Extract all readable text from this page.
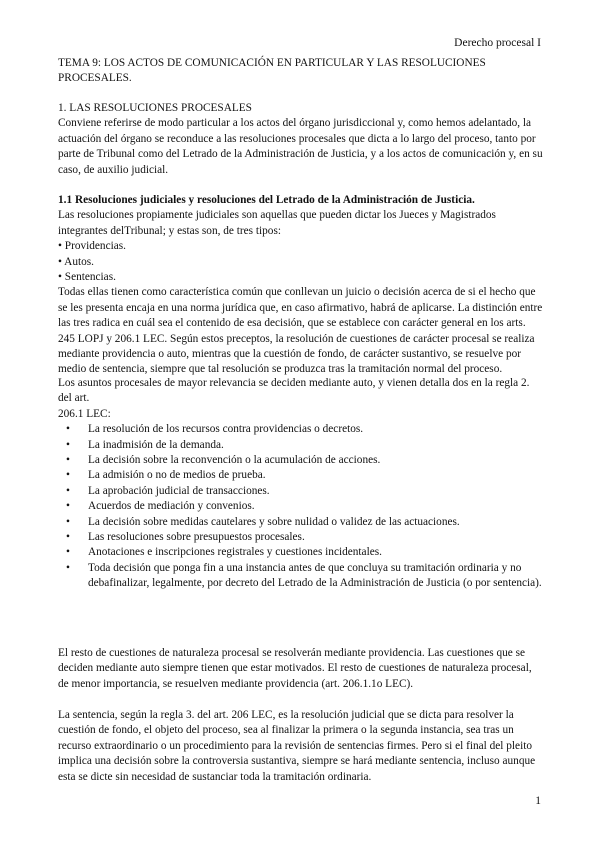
Derecho procesal I
TEMA 9: LOS ACTOS DE COMUNICACIÓN EN PARTICULAR Y LAS RESOLUCIONES PROCESALES.

1. LAS RESOLUCIONES PROCESALES

Conviene referirse de modo particular a los actos del órgano jurisdiccional y, como hemos adelantado, la actuación del órgano se reconduce a las resoluciones procesales que dicta a lo largo del proceso, tanto por parte de Tribunal como del Letrado de la Administración de Justicia, y a los actos de comunicación y, en su caso, de auxilio judicial.

1.1 Resoluciones judiciales y resoluciones del Letrado de la Administración de Justicia.

Las resoluciones propiamente judiciales son aquellas que pueden dictar los Jueces y Magistrados integrantes delTribunal; y estas son, de tres tipos:

• Providencias.
• Autos.
• Sentencias.

Todas ellas tienen como característica común que conllevan un juicio o decisión acerca de si el hecho que se les presenta encaja en una norma jurídica que, en caso afirmativo, habrá de aplicarse. La distinción entre las tres radica en cuál sea el contenido de esa decisión, que se establece con carácter general en los arts. 245 LOPJ y 206.1 LEC. Según estos preceptos, la resolución de cuestiones de carácter procesal se realiza mediante providencia o auto, mientras que la cuestión de fondo, de carácter sustantivo, se resuelve por medio de sentencia, siempre que tal resolución se produzca tras la tramitación normal del proceso.

Los asuntos procesales de mayor relevancia se deciden mediante auto, y vienen detalla dos en la regla 2. del art.

206.1 LEC:

• La resolución de los recursos contra providencias o decretos.
• La inadmisión de la demanda.
• La decisión sobre la reconvención o la acumulación de acciones.
• La admisión o no de medios de prueba.
• La aprobación judicial de transacciones.
• Acuerdos de mediación y convenios.
• La decisión sobre medidas cautelares y sobre nulidad o validez de las actuaciones.
• Las resoluciones sobre presupuestos procesales.
• Anotaciones e inscripciones registrales y cuestiones incidentales.
• Toda decisión que ponga fin a una instancia antes de que concluya su tramitación ordinaria y no debafinalizar, legalmente, por decreto del Letrado de la Administración de Justicia (o por sentencia).

El resto de cuestiones de naturaleza procesal se resolverán mediante providencia. Las cuestiones que se deciden mediante auto siempre tienen que estar motivados. El resto de cuestiones de naturaleza procesal, de menor importancia, se resuelven mediante providencia (art. 206.1.1o LEC).

La sentencia, según la regla 3. del art. 206 LEC, es la resolución judicial que se dicta para resolver la cuestión de fondo, el objeto del proceso, sea al finalizar la primera o la segunda instancia, sea tras un recurso extraordinario o un procedimiento para la revisión de sentencias firmes. Pero si el final del pleito implica una decisión sobre la controversia sustantiva, siempre se hará mediante sentencia, incluso aunque esta se dicte sin necesidad de sustanciar toda la tramitación ordinaria.

1
